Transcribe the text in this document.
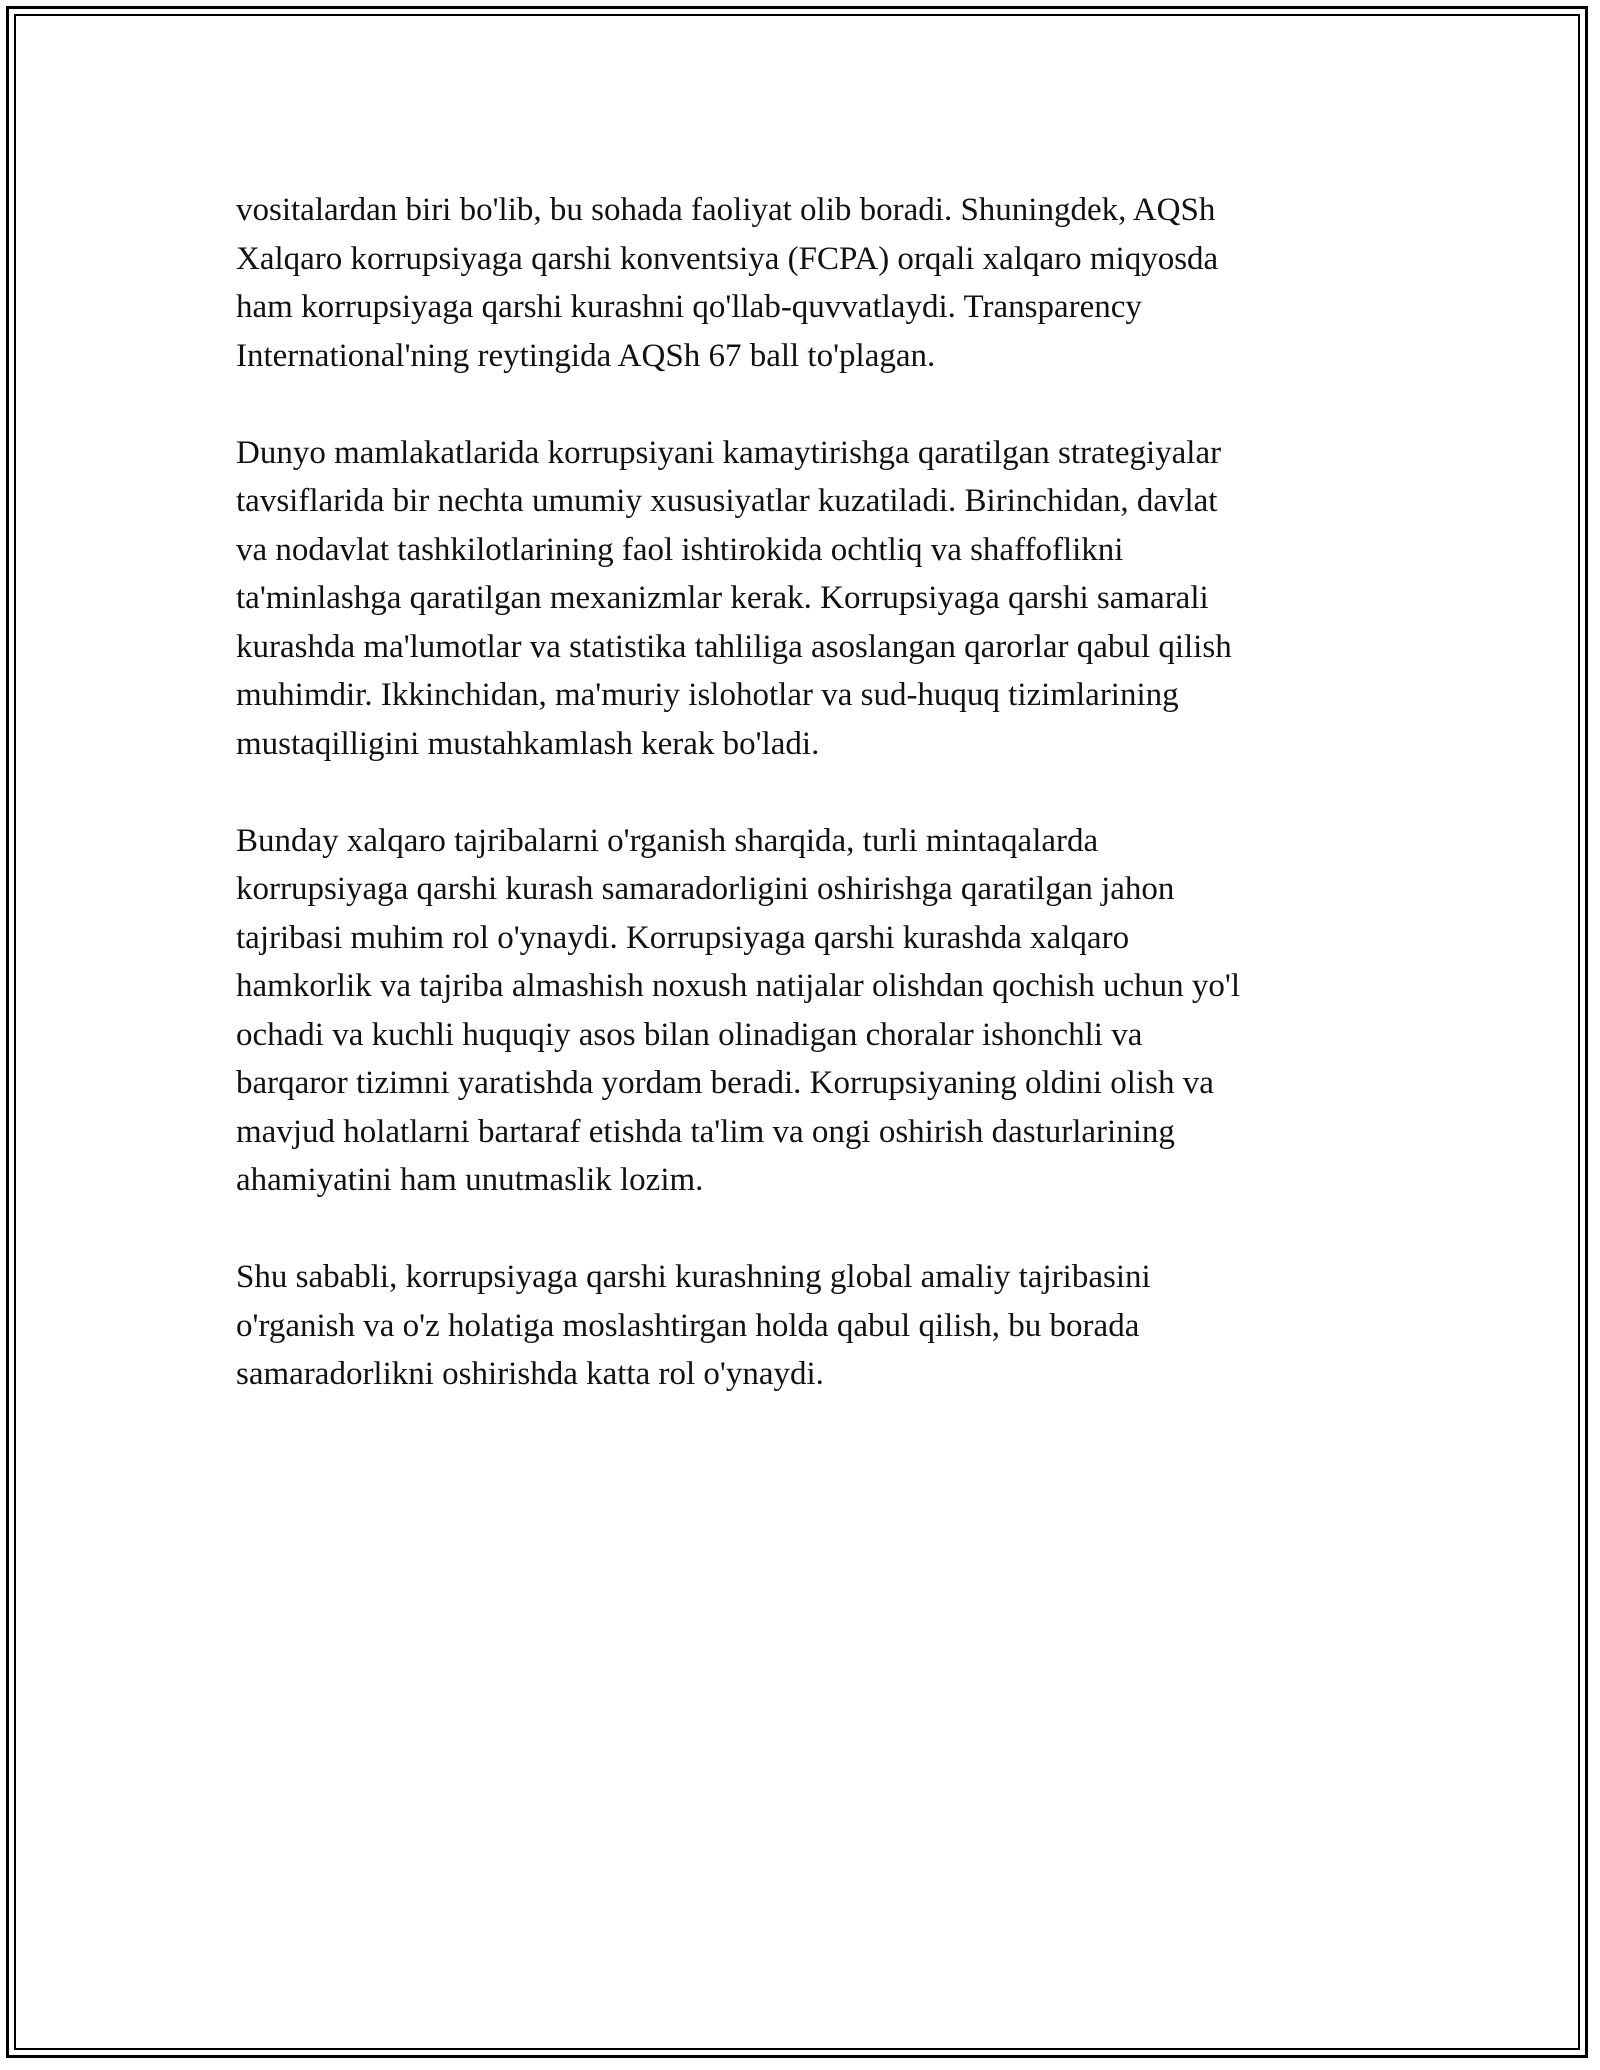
vositalardan biri bo'lib, bu sohada faoliyat olib boradi. Shuningdek, AQSh
Xalqaro korrupsiyaga qarshi konventsiya (FCPA) orqali xalqaro miqyosda
ham korrupsiyaga qarshi kurashni qo'llab-quvvatlaydi. Transparency
International'ning reytingida AQSh 67 ball to'plagan.

Dunyo mamlakatlarida korrupsiyani kamaytirishga qaratilgan strategiyalar
tavsiflarida bir nechta umumiy xususiyatlar kuzatiladi. Birinchidan, davlat
va nodavlat tashkilotlarining faol ishtirokida ochtliq va shaffoflikni
ta'minlashga qaratilgan mexanizmlar kerak. Korrupsiyaga qarshi samarali
kurashda ma'lumotlar va statistika tahliliga asoslangan qarorlar qabul qilish
muhimdir. Ikkinchidan, ma'muriy islohotlar va sud-huquq tizimlarining
mustaqilligini mustahkamlash kerak bo'ladi.

Bunday xalqaro tajribalarni o'rganish sharqida, turli mintaqalarda
korrupsiyaga qarshi kurash samaradorligini oshirishga qaratilgan jahon
tajribasi muhim rol o'ynaydi. Korrupsiyaga qarshi kurashda xalqaro
hamkorlik va tajriba almashish noxush natijalar olishdan qochish uchun yo'l
ochadi va kuchli huquqiy asos bilan olinadigan choralar ishonchli va
barqaror tizimni yaratishda yordam beradi. Korrupsiyaning oldini olish va
mavjud holatlarni bartaraf etishda ta'lim va ongi oshirish dasturlarining
ahamiyatini ham unutmaslik lozim.

Shu sababli, korrupsiyaga qarshi kurashning global amaliy tajribasini
o'rganish va o'z holatiga moslashtirgan holda qabul qilish, bu borada
samaradorlikni oshirishda katta rol o'ynaydi.
